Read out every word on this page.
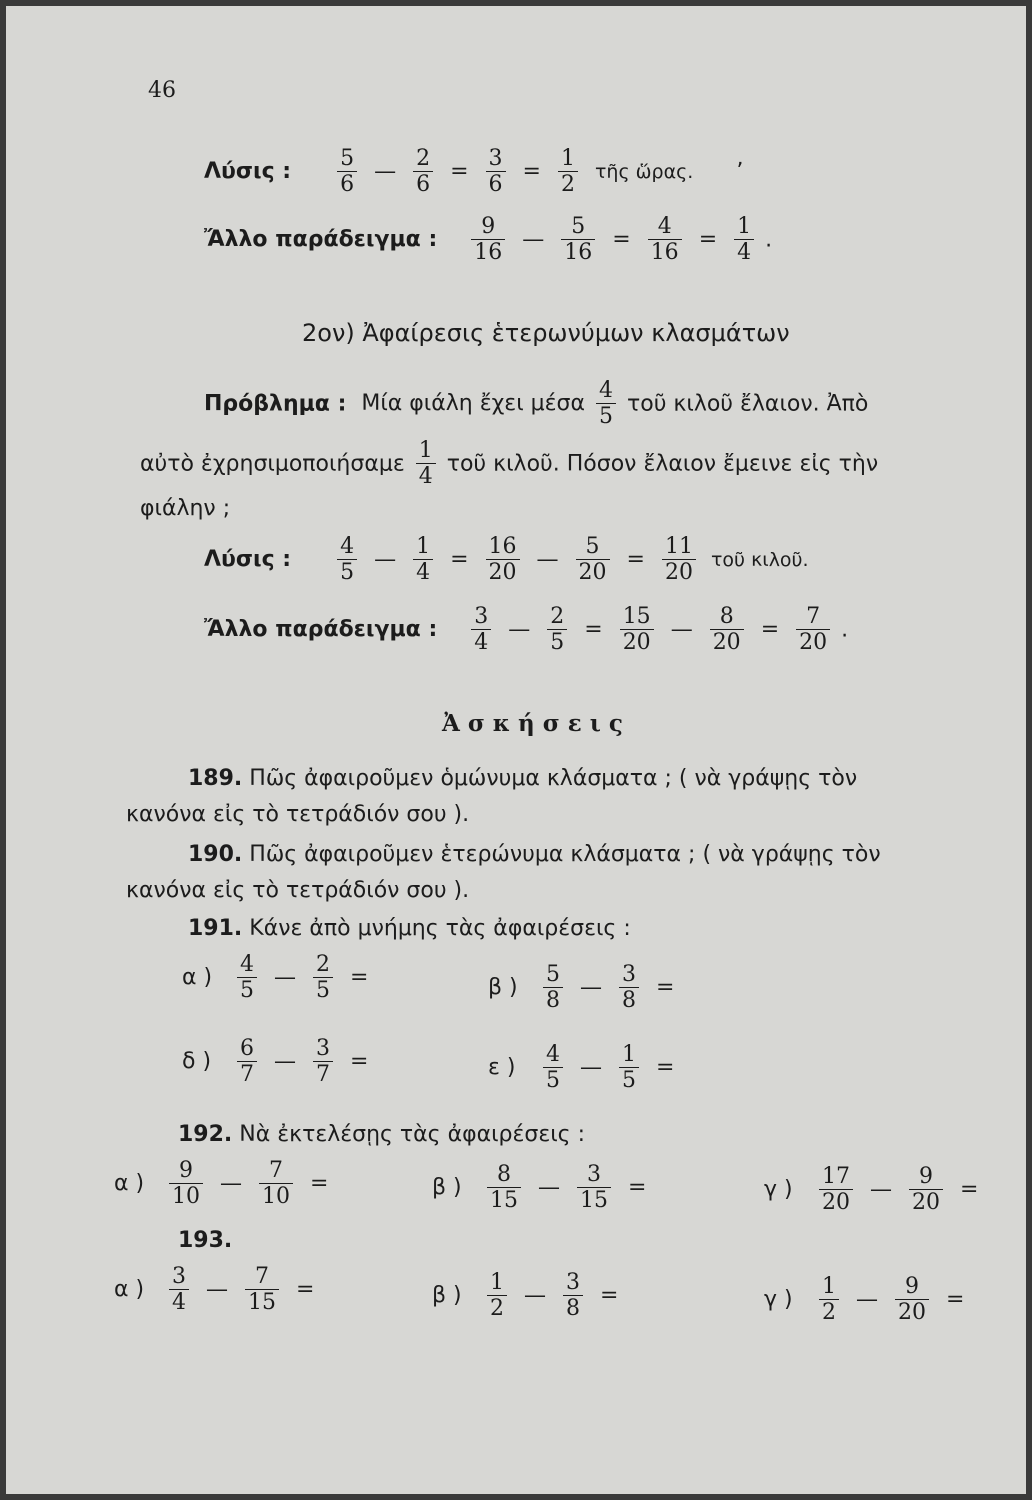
46
Λύσις : $\frac{5}{6}$ — $\frac{2}{6} = \frac{3}{6} = \frac{1}{2}$ τῆς ὥρας. ʼ
Ἄλλο παράδειγμα : $\frac{9}{16}$ — $\frac{5}{16} = \frac{4}{16} = \frac{1}{4}$ .
2ον) Ἀφαίρεσις ἑτερωνύμων κλασμάτων
Πρόβλημα : Μία φιάλη ἔχει μέσα $\frac{4}{5}$ τοῦ κιλοῦ ἔλαιον. Ἀπὸ
αὐτὸ ἐχρησιμοποιήσαμε $\frac{1}{4}$ τοῦ κιλοῦ. Πόσον ἔλαιον ἔμεινε εἰς τὴν
φιάλην ;
Λύσις : $\frac{4}{5}$ — $\frac{1}{4} = \frac{16}{20}$ — $\frac{5}{20} = \frac{11}{20}$ τοῦ κιλοῦ.
Ἄλλο παράδειγμα : $\frac{3}{4}$ — $\frac{2}{5} = \frac{15}{20}$ — $\frac{8}{20} = \frac{7}{20}$ .
Ἀσκήσεις
189. Πῶς ἀφαιροῦμεν ὁμώνυμα κλάσματα ; ( νὰ γράψῃς τὸν
κανόνα εἰς τὸ τετράδιόν σου ).
190. Πῶς ἀφαιροῦμεν ἑτερώνυμα κλάσματα ; ( νὰ γράψῃς τὸν
κανόνα εἰς τὸ τετράδιόν σου ).
191. Κάνε ἀπὸ μνήμης τὰς ἀφαιρέσεις :
α ) $\frac{4}{5}$ — $\frac{2}{5}$ =	β ) $\frac{5}{8}$ — $\frac{3}{8}$ =
δ ) $\frac{6}{7}$ — $\frac{3}{7}$ =	ε ) $\frac{4}{5}$ — $\frac{1}{5}$ =
192. Νὰ ἐκτελέσῃς τὰς ἀφαιρέσεις :
α ) $\frac{9}{10}$ — $\frac{7}{10}$ =	β ) $\frac{8}{15}$ — $\frac{3}{15}$ =	γ ) $\frac{17}{20}$ — $\frac{9}{20}$ =
193.
α ) $\frac{3}{4}$ — $\frac{7}{15}$ =	β ) $\frac{1}{2}$ — $\frac{3}{8}$ =	γ ) $\frac{1}{2}$ — $\frac{9}{20}$ =
